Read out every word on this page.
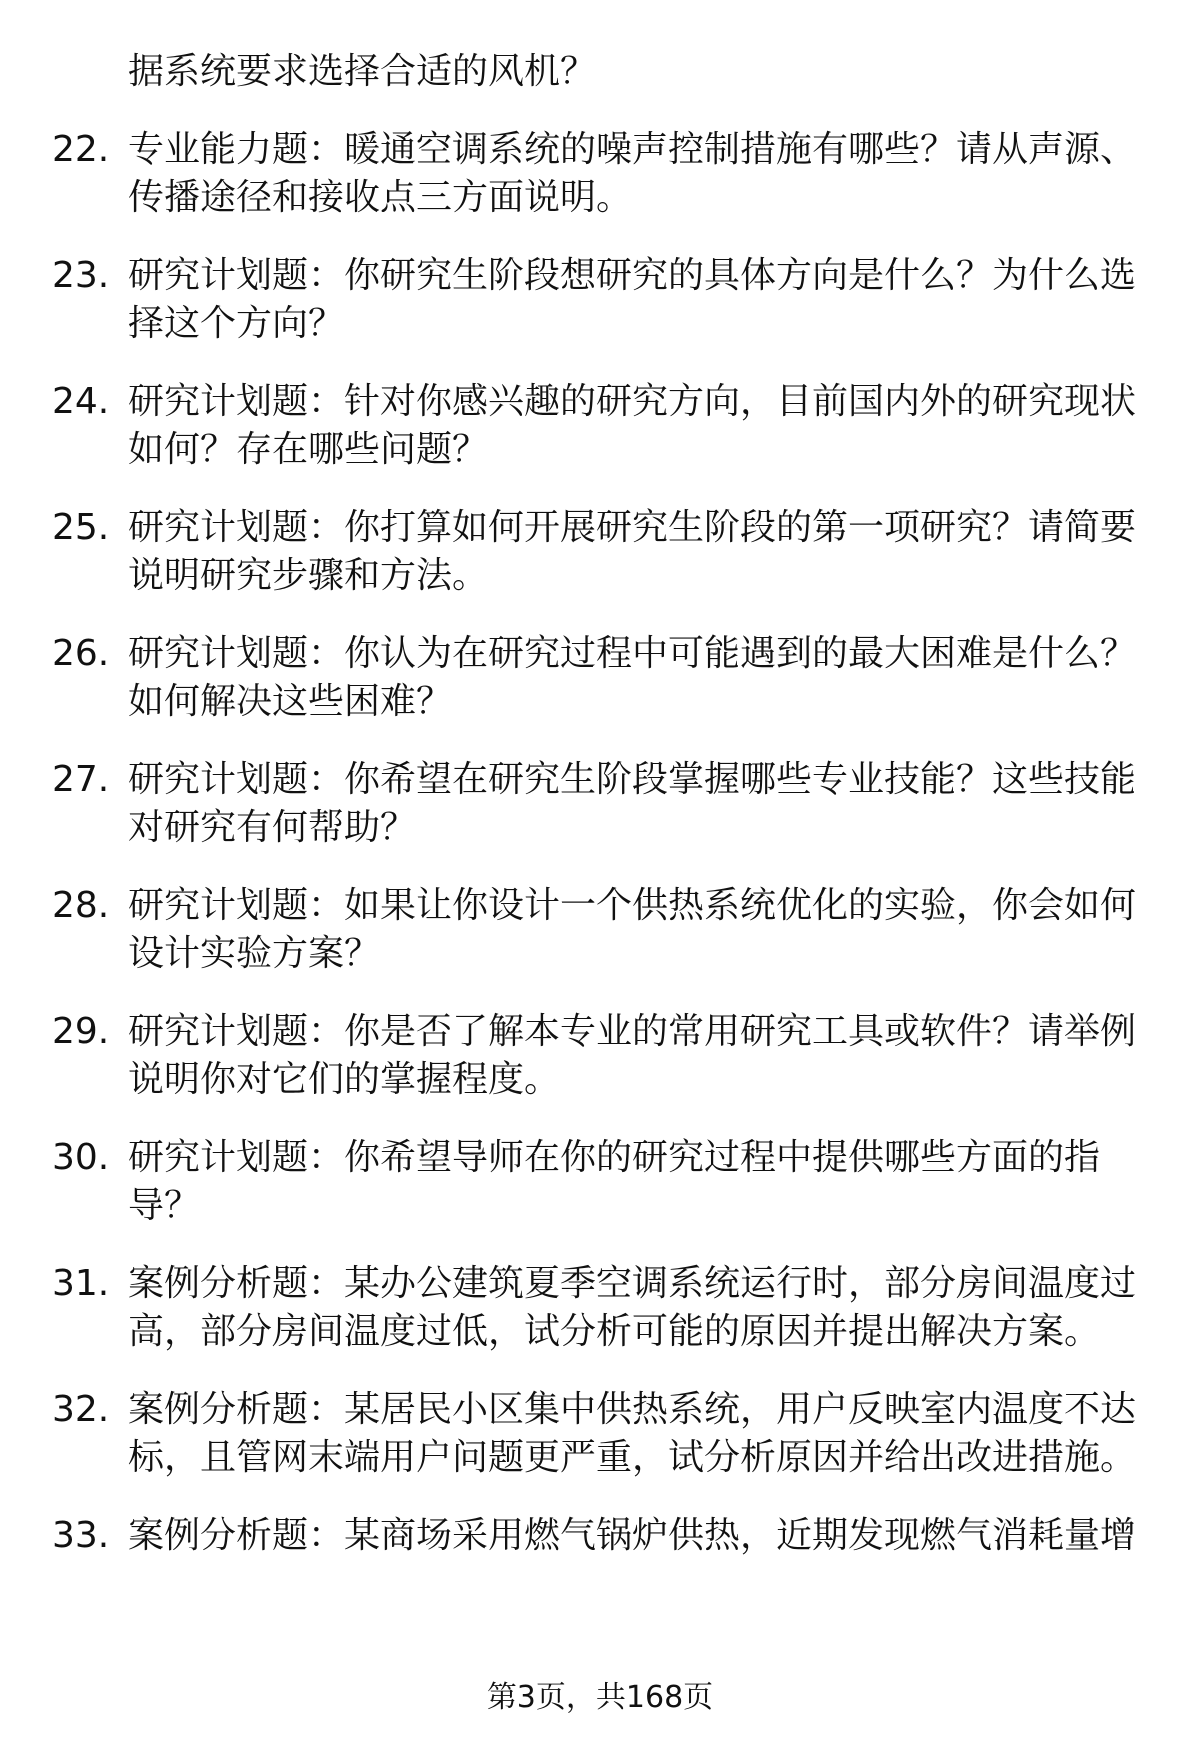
据系统要求选择合适的风机？
22. 专业能力题：暖通空调系统的噪声控制措施有哪些？请从声源、
传播途径和接收点三方面说明。
23. 研究计划题：你研究生阶段想研究的具体方向是什么？为什么选
择这个方向？
24. 研究计划题：针对你感兴趣的研究方向，目前国内外的研究现状
如何？存在哪些问题？
25. 研究计划题：你打算如何开展研究生阶段的第一项研究？请简要
说明研究步骤和方法。
26. 研究计划题：你认为在研究过程中可能遇到的最大困难是什么？
如何解决这些困难？
27. 研究计划题：你希望在研究生阶段掌握哪些专业技能？这些技能
对研究有何帮助？
28. 研究计划题：如果让你设计一个供热系统优化的实验，你会如何
设计实验方案？
29. 研究计划题：你是否了解本专业的常用研究工具或软件？请举例
说明你对它们的掌握程度。
30. 研究计划题：你希望导师在你的研究过程中提供哪些方面的指
导？
31. 案例分析题：某办公建筑夏季空调系统运行时，部分房间温度过
高，部分房间温度过低，试分析可能的原因并提出解决方案。
32. 案例分析题：某居民小区集中供热系统，用户反映室内温度不达
标，且管网末端用户问题更严重，试分析原因并给出改进措施。
33. 案例分析题：某商场采用燃气锅炉供热，近期发现燃气消耗量增
第3页，共168页
